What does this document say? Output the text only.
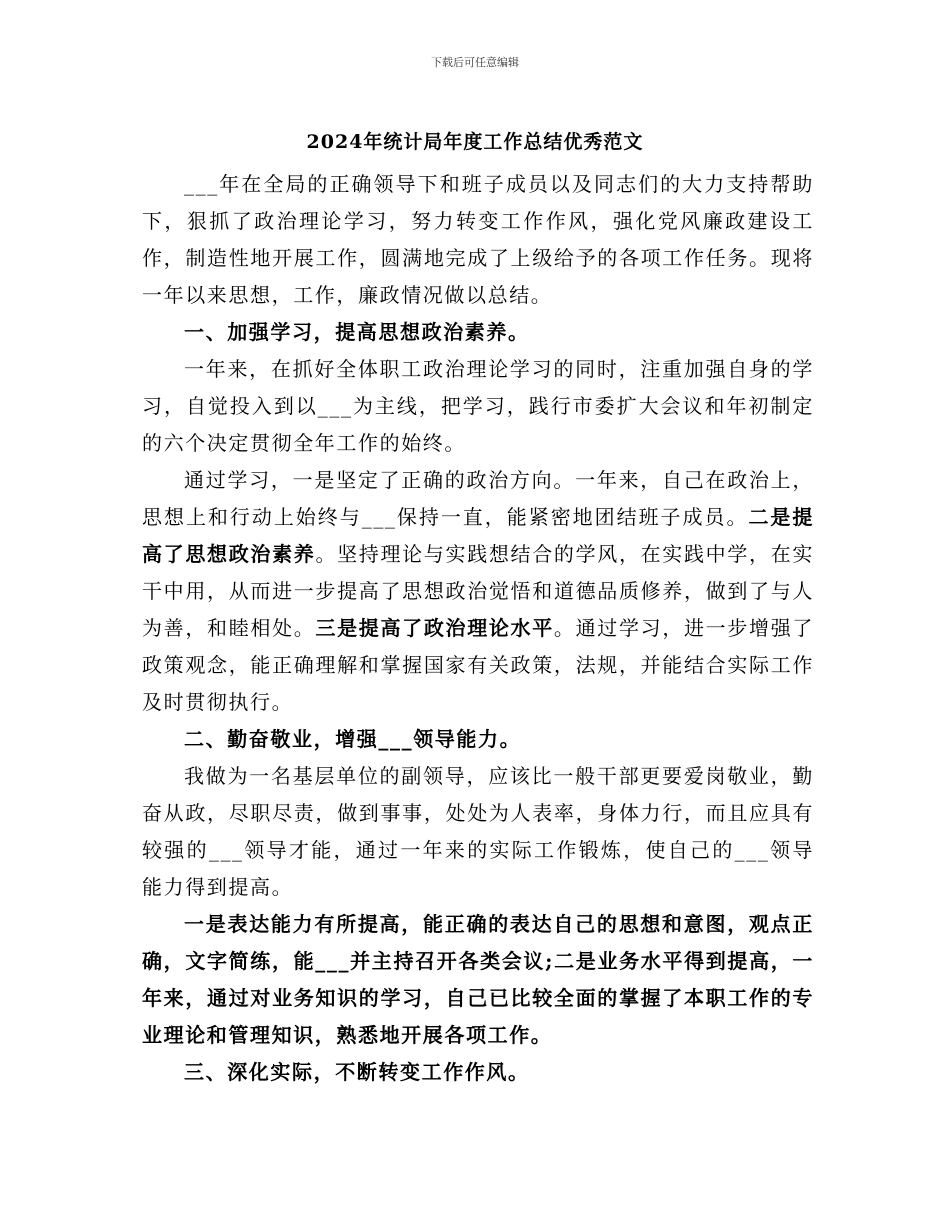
下载后可任意编辑
2024年统计局年度工作总结优秀范文

___年在全局的正确领导下和班子成员以及同志们的大力支持帮助下，狠抓了政治理论学习，努力转变工作作风，强化党风廉政建设工作，制造性地开展工作，圆满地完成了上级给予的各项工作任务。现将一年以来思想，工作，廉政情况做以总结。

一、加强学习，提高思想政治素养。

一年来，在抓好全体职工政治理论学习的同时，注重加强自身的学习，自觉投入到以___为主线，把学习，践行市委扩大会议和年初制定的六个决定贯彻全年工作的始终。

通过学习，一是坚定了正确的政治方向。一年来，自己在政治上，思想上和行动上始终与___保持一直，能紧密地团结班子成员。二是提高了思想政治素养。坚持理论与实践想结合的学风，在实践中学，在实干中用，从而进一步提高了思想政治觉悟和道德品质修养，做到了与人为善，和睦相处。三是提高了政治理论水平。通过学习，进一步增强了政策观念，能正确理解和掌握国家有关政策，法规，并能结合实际工作及时贯彻执行。

二、勤奋敬业，增强___领导能力。

我做为一名基层单位的副领导，应该比一般干部更要爱岗敬业，勤奋从政，尽职尽责，做到事事，处处为人表率，身体力行，而且应具有较强的___领导才能，通过一年来的实际工作锻炼，使自己的___领导能力得到提高。

一是表达能力有所提高，能正确的表达自己的思想和意图，观点正确，文字简练，能___并主持召开各类会议;二是业务水平得到提高，一年来，通过对业务知识的学习，自己已比较全面的掌握了本职工作的专业理论和管理知识，熟悉地开展各项工作。

三、深化实际，不断转变工作作风。
